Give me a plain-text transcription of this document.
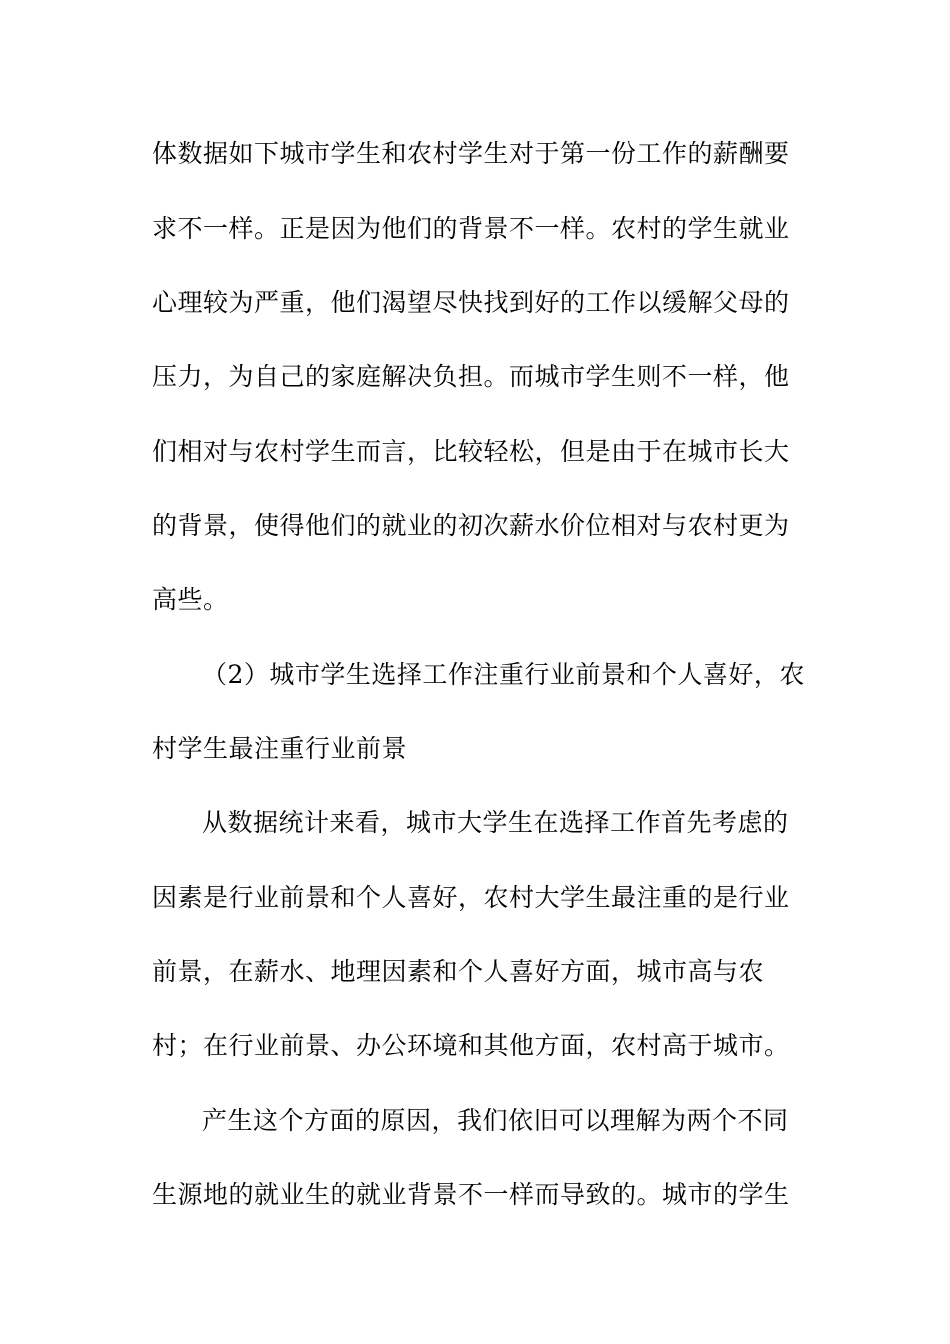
体数据如下城市学生和农村学生对于第一份工作的薪酬要
求不一样。正是因为他们的背景不一样。农村的学生就业
心理较为严重，他们渴望尽快找到好的工作以缓解父母的
压力，为自己的家庭解决负担。而城市学生则不一样，他
们相对与农村学生而言，比较轻松，但是由于在城市长大
的背景，使得他们的就业的初次薪水价位相对与农村更为
高些。
（2）城市学生选择工作注重行业前景和个人喜好，农
村学生最注重行业前景
从数据统计来看，城市大学生在选择工作首先考虑的
因素是行业前景和个人喜好，农村大学生最注重的是行业
前景，在薪水、地理因素和个人喜好方面，城市高与农
村；在行业前景、办公环境和其他方面，农村高于城市。
产生这个方面的原因，我们依旧可以理解为两个不同
生源地的就业生的就业背景不一样而导致的。城市的学生
